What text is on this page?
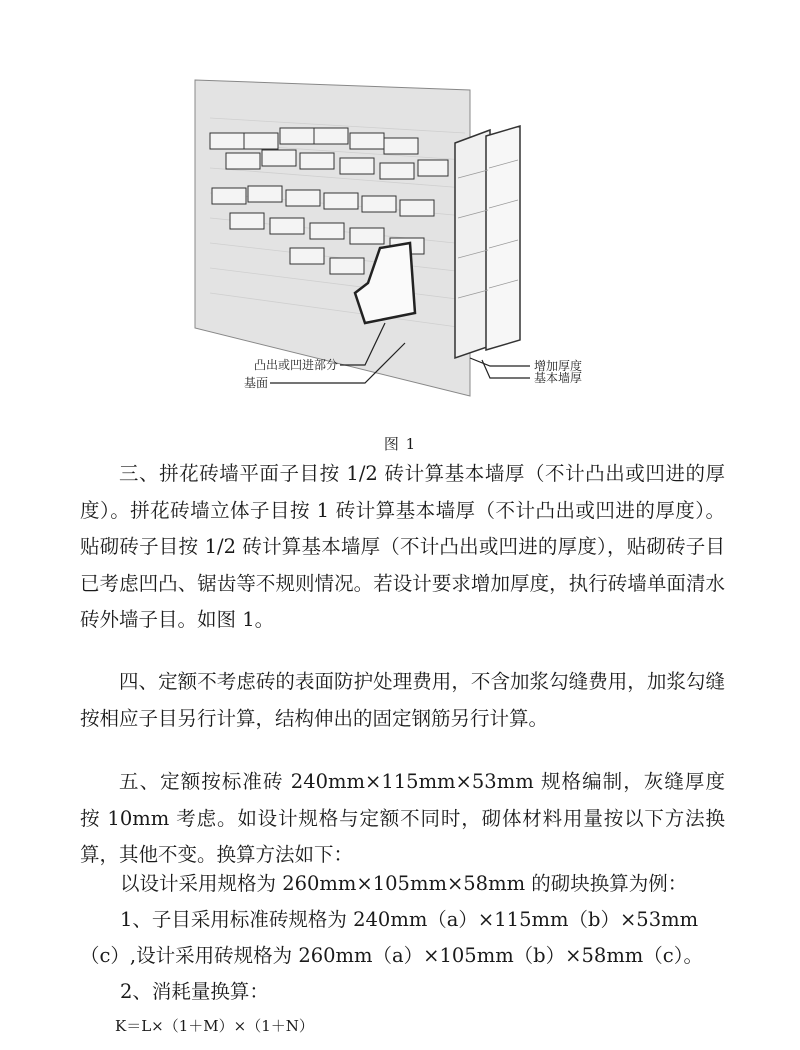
凸出或凹进部分
基面
增加厚度
基本墙厚
图 1

三、拼花砖墙平面子目按 1/2 砖计算基本墙厚（不计凸出或凹进的厚度）。拼花砖墙立体子目按 1 砖计算基本墙厚（不计凸出或凹进的厚度）。贴砌砖子目按 1/2 砖计算基本墙厚（不计凸出或凹进的厚度），贴砌砖子目已考虑凹凸、锯齿等不规则情况。若设计要求增加厚度，执行砖墙单面清水砖外墙子目。如图 1。

四、定额不考虑砖的表面防护处理费用，不含加浆勾缝费用，加浆勾缝按相应子目另行计算，结构伸出的固定钢筋另行计算。

五、定额按标准砖 240mm×115mm×53mm 规格编制，灰缝厚度按 10mm 考虑。如设计规格与定额不同时，砌体材料用量按以下方法换算，其他不变。换算方法如下：

以设计采用规格为 260mm×105mm×58mm 的砌块换算为例：

1、子目采用标准砖规格为 240mm（a）×115mm（b）×53mm

（c）,设计采用砖规格为 260mm（a）×105mm（b）×58mm（c）。

2、消耗量换算：

K＝L×（1＋M）×（1＋N）
